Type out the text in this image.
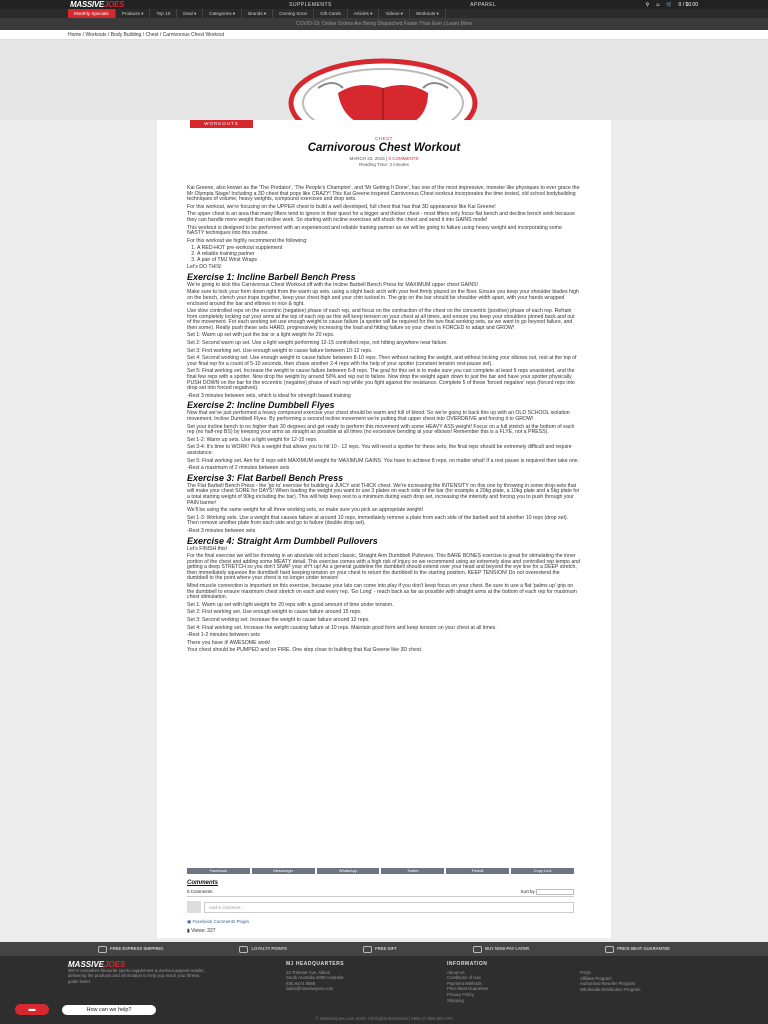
MASSIVEJOES	SUPPLEMENTS	APPAREL	⚲ ☺ 🛒 0 / $0.00
Monthly Specials	Products ▾	Top 10	Deal ▾	Categories ▾	Brands ▾	Coming Soon	Gift Cards	Articles ▾	Videos ▾	Workouts ▾
COVID-19: Online Orders Are Being Dispatched Faster Than Ever | Learn More
Home / Workouts / Body Building / Chest / Carnivorous Chest Workout
WORKOUTS
CHEST
Carnivorous Chest Workout
MARCH 23, 2015 | 0 COMMENTS
Reading Time: 3 minutes

Kai Greene, also known as the 'The Predator', 'The People's Champion', and 'Mr Getting It Done', has one of the most impressive, monster like physiques to ever grace the Mr Olympia Stage! Including a 3D chest that pops like CRAZY! This Kai Greene inspired Carnivorous Chest workout incorporates the time tested, old school bodybuilding techniques of volume, heavy weights, compound exercises and drop sets.

For this workout, we're focusing on the UPPER chest to build a well developed, full chest that has that 3D appearance like Kai Greene!

The upper chest is an area that many lifters tend to ignore in their quest for a bigger and thicker chest - most lifters only focus flat bench and decline bench work because they can handle more weight than incline work. So starting with incline exercises will shock the chest and send it into GAINS mode!

This workout is designed to be performed with an experienced and reliable training partner as we will be going to failure using heavy weight and incorporating some NASTY techniques into this routine.

For this workout we highly recommend the following:

1. A RED-HOT pre-workout supplement
2. A reliable training partner
3. A pair of TMJ Wrist Wraps

Let's DO THIS!

Exercise 1: Incline Barbell Bench Press

We're going to kick this Carnivorous Chest Workout off with the Incline Barbell Bench Press for MAXIMUM upper chest GAINS!

Make sure to lock your form down right from the warm up sets, using a slight back arch with your feet firmly placed on the floor. Ensure you keep your shoulder blades high on the bench, clench your traps together, keep your chest high and your chin tucked in. The grip on the bar should be shoulder width apart, with your hands wrapped enclosed around the bar and elbows in nice & tight.

Use slow controlled reps on the eccentric (negative) phase of each rep, and focus on the contraction of the chest on the concentric (positive) phase of each rep. Refrain from completely locking out your arms at the top of each rep as this will keep tension on your chest at all times, and ensure you keep your shoulders pinned back and out of the movement. For each working set use enough weight to cause failure (a spotter will be required for the two final working sets, as we want to go beyond failure, and then some). Really push these sets HARD, progressively increasing the load and hitting failure so your chest is FORCED to adapt and GROW!

Set 1: Warm up set with just the bar or a light weight for 20 reps.

Set 2: Second warm up set. Use a light weight performing 12-15 controlled reps, not hitting anywhere near failure.

Set 3: First working set. Use enough weight to cause failure between 10-12 reps.

Set 4: Second working set. Use enough weight to cause failure between 8-10 reps. Then without racking the weight, and without locking your elbows out, rest at the top of your final rep for a count of 5-10 seconds, then chase another 2-4 reps with the help of your spotter (constant tension rest-pause set).

Set 5: Final working set. Increase the weight to cause failure between 6-8 reps. The goal for this set is to make sure you can complete at least 6 reps unassisted, and the final few reps with a spotter. Now drop the weight by around 50% and rep out to failure. Now drop the weight again down to just the bar and have your spotter physically PUSH DOWN on the bar for the eccentric (negative) phase of each rep while you fight against the resistance. Complete 5 of these 'forced negative' reps (forced reps into drop-set into forced negatives).

-Rest 3 minutes between sets, which is ideal for strength based training

Exercise 2: Incline Dumbbell Flyes

Now that we've just performed a heavy compound exercise your chest should be warm and full of blood. So we're going to back this up with an OLD SCHOOL isolation movement, Incline Dumbbell Flyes. By performing a second incline movement we're putting that upper chest into OVERDRIVE and forcing it to GROW!

Set your incline bench to no higher than 30 degrees and get ready to perform this movement with some HEAVY ASS weight! Focus on a full stretch at the bottom of each rep (no half-rep BS) by keeping your arms as straight as possible at all times (no excessive bending at your elbows! Remember this is a FLYE, not a PRESS).

Set 1-2: Warm up sets. Use a light weight for 12-15 reps.

Set 3-4: It's time to WORK! Pick a weight that allows you to hit 10 - 12 reps. You will need a spotter for these sets, the final reps should be extremely difficult and require assistance.

Set 5: Final working set. Aim for 8 reps with MAXIMUM weight for MAXIMUM GAINS. You have to achieve 8 reps, no matter what! If a rest pause is required then take one.

-Rest a maximum of 2 minutes between sets

Exercise 3: Flat Barbell Bench Press

The Flat Barbell Bench Press - the 'go to' exercise for building a JUICY and THICK chest. We're increasing the INTENSITY on this one by throwing in some drop-sets that will make your chest SORE for DAYS! When loading the weight you want to use 3 plates on each side of the bar (for example a 20kg plate, a 10kg plate and a 5kg plate for a total starting weight of 90kg including the bar). This will help keep rest to a minimum during each drop set, increasing the intensity and forcing you to push through your PAIN barrier!

We'll be using the same weight for all three working sets, so make sure you pick an appropriate weight!

Set 1-3: Working sets. Use a weight that causes failure at around 10 reps, immediately remove a plate from each side of the barbell and hit another 10 reps (drop set). Then remove another plate from each side and go to failure (double drop set).

-Rest 3 minutes between sets

Exercise 4: Straight Arm Dumbbell Pullovers

Let's FINISH this!

For the final exercise we will be throwing in an absolute old school classic, Straight Arm Dumbbell Pullovers. This BARE BONES exercise is great for stimulating the inner portion of the chest and adding some MEATY detail. This exercise comes with a high risk of injury so we recommend using an extremely slow and controlled rep tempo and getting a deep STRETCH so you don't SNAP your sh*t up! As a general guideline the dumbbell should extend over your head and beyond the eye line for a DEEP stretch, then immediately squeeze the dumbbell hard keeping tension on your chest to return the dumbbell to the starting position. KEEP TENSION! Do not overextend the dumbbell to the point where your chest is no longer under tension!

Mind-muscle connection is important on this exercise, because your lats can come into play if you don't keep focus on your chest. Be sure to use a flat 'palms up' grip on the dumbbell to ensure maximum chest stretch on each and every rep. 'Go Long' - reach back as far as possible with straight arms at the bottom of each rep for maximum chest stimulation.

Set 1: Warm up set with light weight for 20 reps with a good amount of time under tension.

Set 2: First working set. Use enough weight to cause failure around 15 reps.

Set 3: Second working set. Increase the weight to cause failure around 12 reps.

Set 4: Final working set. Increase the weight causing failure at 10 reps. Maintain good form and keep tension on your chest at all times.

-Rest 1-2 minutes between sets

There you have it! AWESOME work!

Your chest should be PUMPED and on FIRE. One step close to building that Kai Greene like 3D chest.

Facebook	Messenger	WhatsApp	Twitter	Reddit	Copy Link
Comments
0 Comments	Sort by
Add a comment...
▣ Facebook Comments Plugin
▮ Views: 327
FREE EXPRESS SHIPPING	LOYALTY POINTS	FREE GIFT	BUY NOW PAY LATER	PRICE BEAT GUARANTEE
MASSIVEJOES
We're Australia's favourite sports supplement & workout apparel retailer, delivering the products and information to help you reach your fitness goals faster.
MJ HEADQUARTERS
13 Trimmer Ave, Albion
South Australia 5008 Australia
(08) 8474 8888
sales@massivejoes.com
INFORMATION
About Us
Conditions of Use
Payment Methods
Price Beat Guarantee
Privacy Policy
Shipping
FAQs
Affiliate Program
Authorised Reseller Program
Wholesale Distribution Program
© Massivejoes.com 2020. All Rights Reserved | ABN 27 092 893 076
▬	How can we help?
